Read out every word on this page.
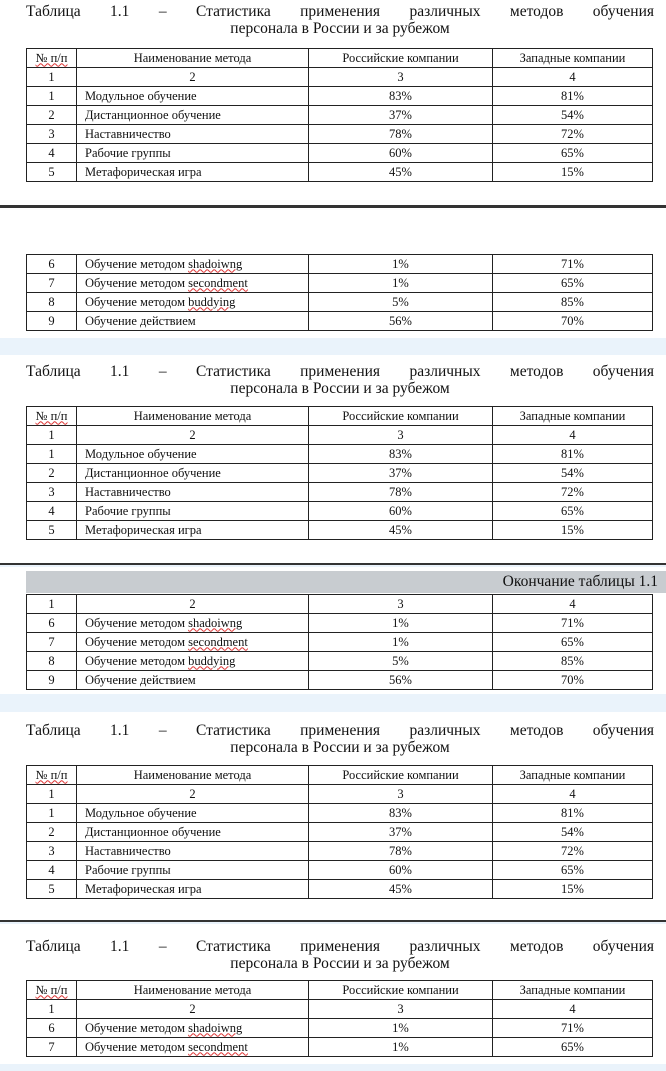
Таблица 1.1 – Статистика применения различных методов обучения
персонала в России и за рубежом
№ п/п	Наименование метода	Российские компании	Западные компании
1	2	3	4
1	Модульное обучение	83%	81%
2	Дистанционное обучение	37%	54%
3	Наставничество	78%	72%
4	Рабочие группы	60%	65%
5	Метафорическая игра	45%	15%
6	Обучение методом shadoiwng	1%	71%
7	Обучение методом secondment	1%	65%
8	Обучение методом buddying	5%	85%
9	Обучение действием	56%	70%
Таблица 1.1 – Статистика применения различных методов обучения
персонала в России и за рубежом
№ п/п	Наименование метода	Российские компании	Западные компании
1	2	3	4
1	Модульное обучение	83%	81%
2	Дистанционное обучение	37%	54%
3	Наставничество	78%	72%
4	Рабочие группы	60%	65%
5	Метафорическая игра	45%	15%
Окончание таблицы 1.1
1	2	3	4
6	Обучение методом shadoiwng	1%	71%
7	Обучение методом secondment	1%	65%
8	Обучение методом buddying	5%	85%
9	Обучение действием	56%	70%
Таблица 1.1 – Статистика применения различных методов обучения
персонала в России и за рубежом
№ п/п	Наименование метода	Российские компании	Западные компании
1	2	3	4
1	Модульное обучение	83%	81%
2	Дистанционное обучение	37%	54%
3	Наставничество	78%	72%
4	Рабочие группы	60%	65%
5	Метафорическая игра	45%	15%
Таблица 1.1 – Статистика применения различных методов обучения
персонала в России и за рубежом
№ п/п	Наименование метода	Российские компании	Западные компании
1	2	3	4
6	Обучение методом shadoiwng	1%	71%
7	Обучение методом secondment	1%	65%
